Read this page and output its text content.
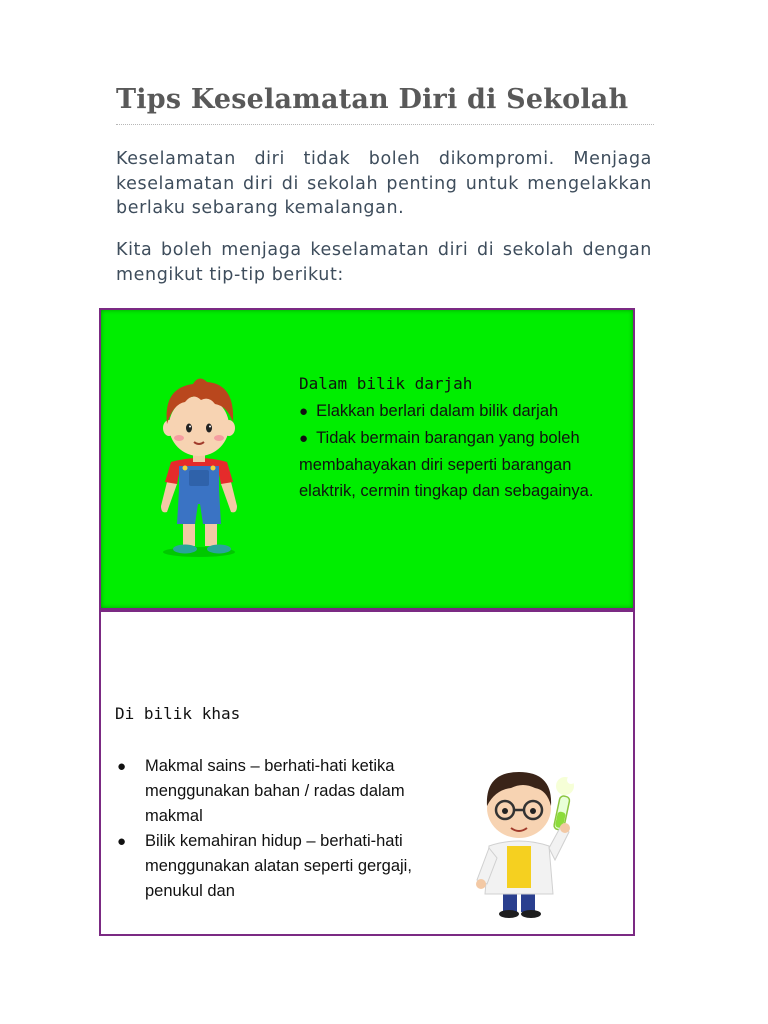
Tips Keselamatan Diri di Sekolah

Keselamatan diri tidak boleh dikompromi. Menjaga keselamatan diri di sekolah penting untuk mengelakkan berlaku sebarang kemalangan.

Kita boleh menjaga keselamatan diri di sekolah dengan mengikut tip-tip berikut:

Dalam bilik darjah
● Elakkan berlari dalam bilik darjah
● Tidak bermain barangan yang boleh membahayakan diri seperti barangan elaktrik, cermin tingkap dan sebagainya.
Di bilik khas
● Makmal sains – berhati-hati ketika menggunakan bahan / radas dalam makmal
● Bilik kemahiran hidup – berhati-hati menggunakan alatan seperti gergaji, penukul dan
